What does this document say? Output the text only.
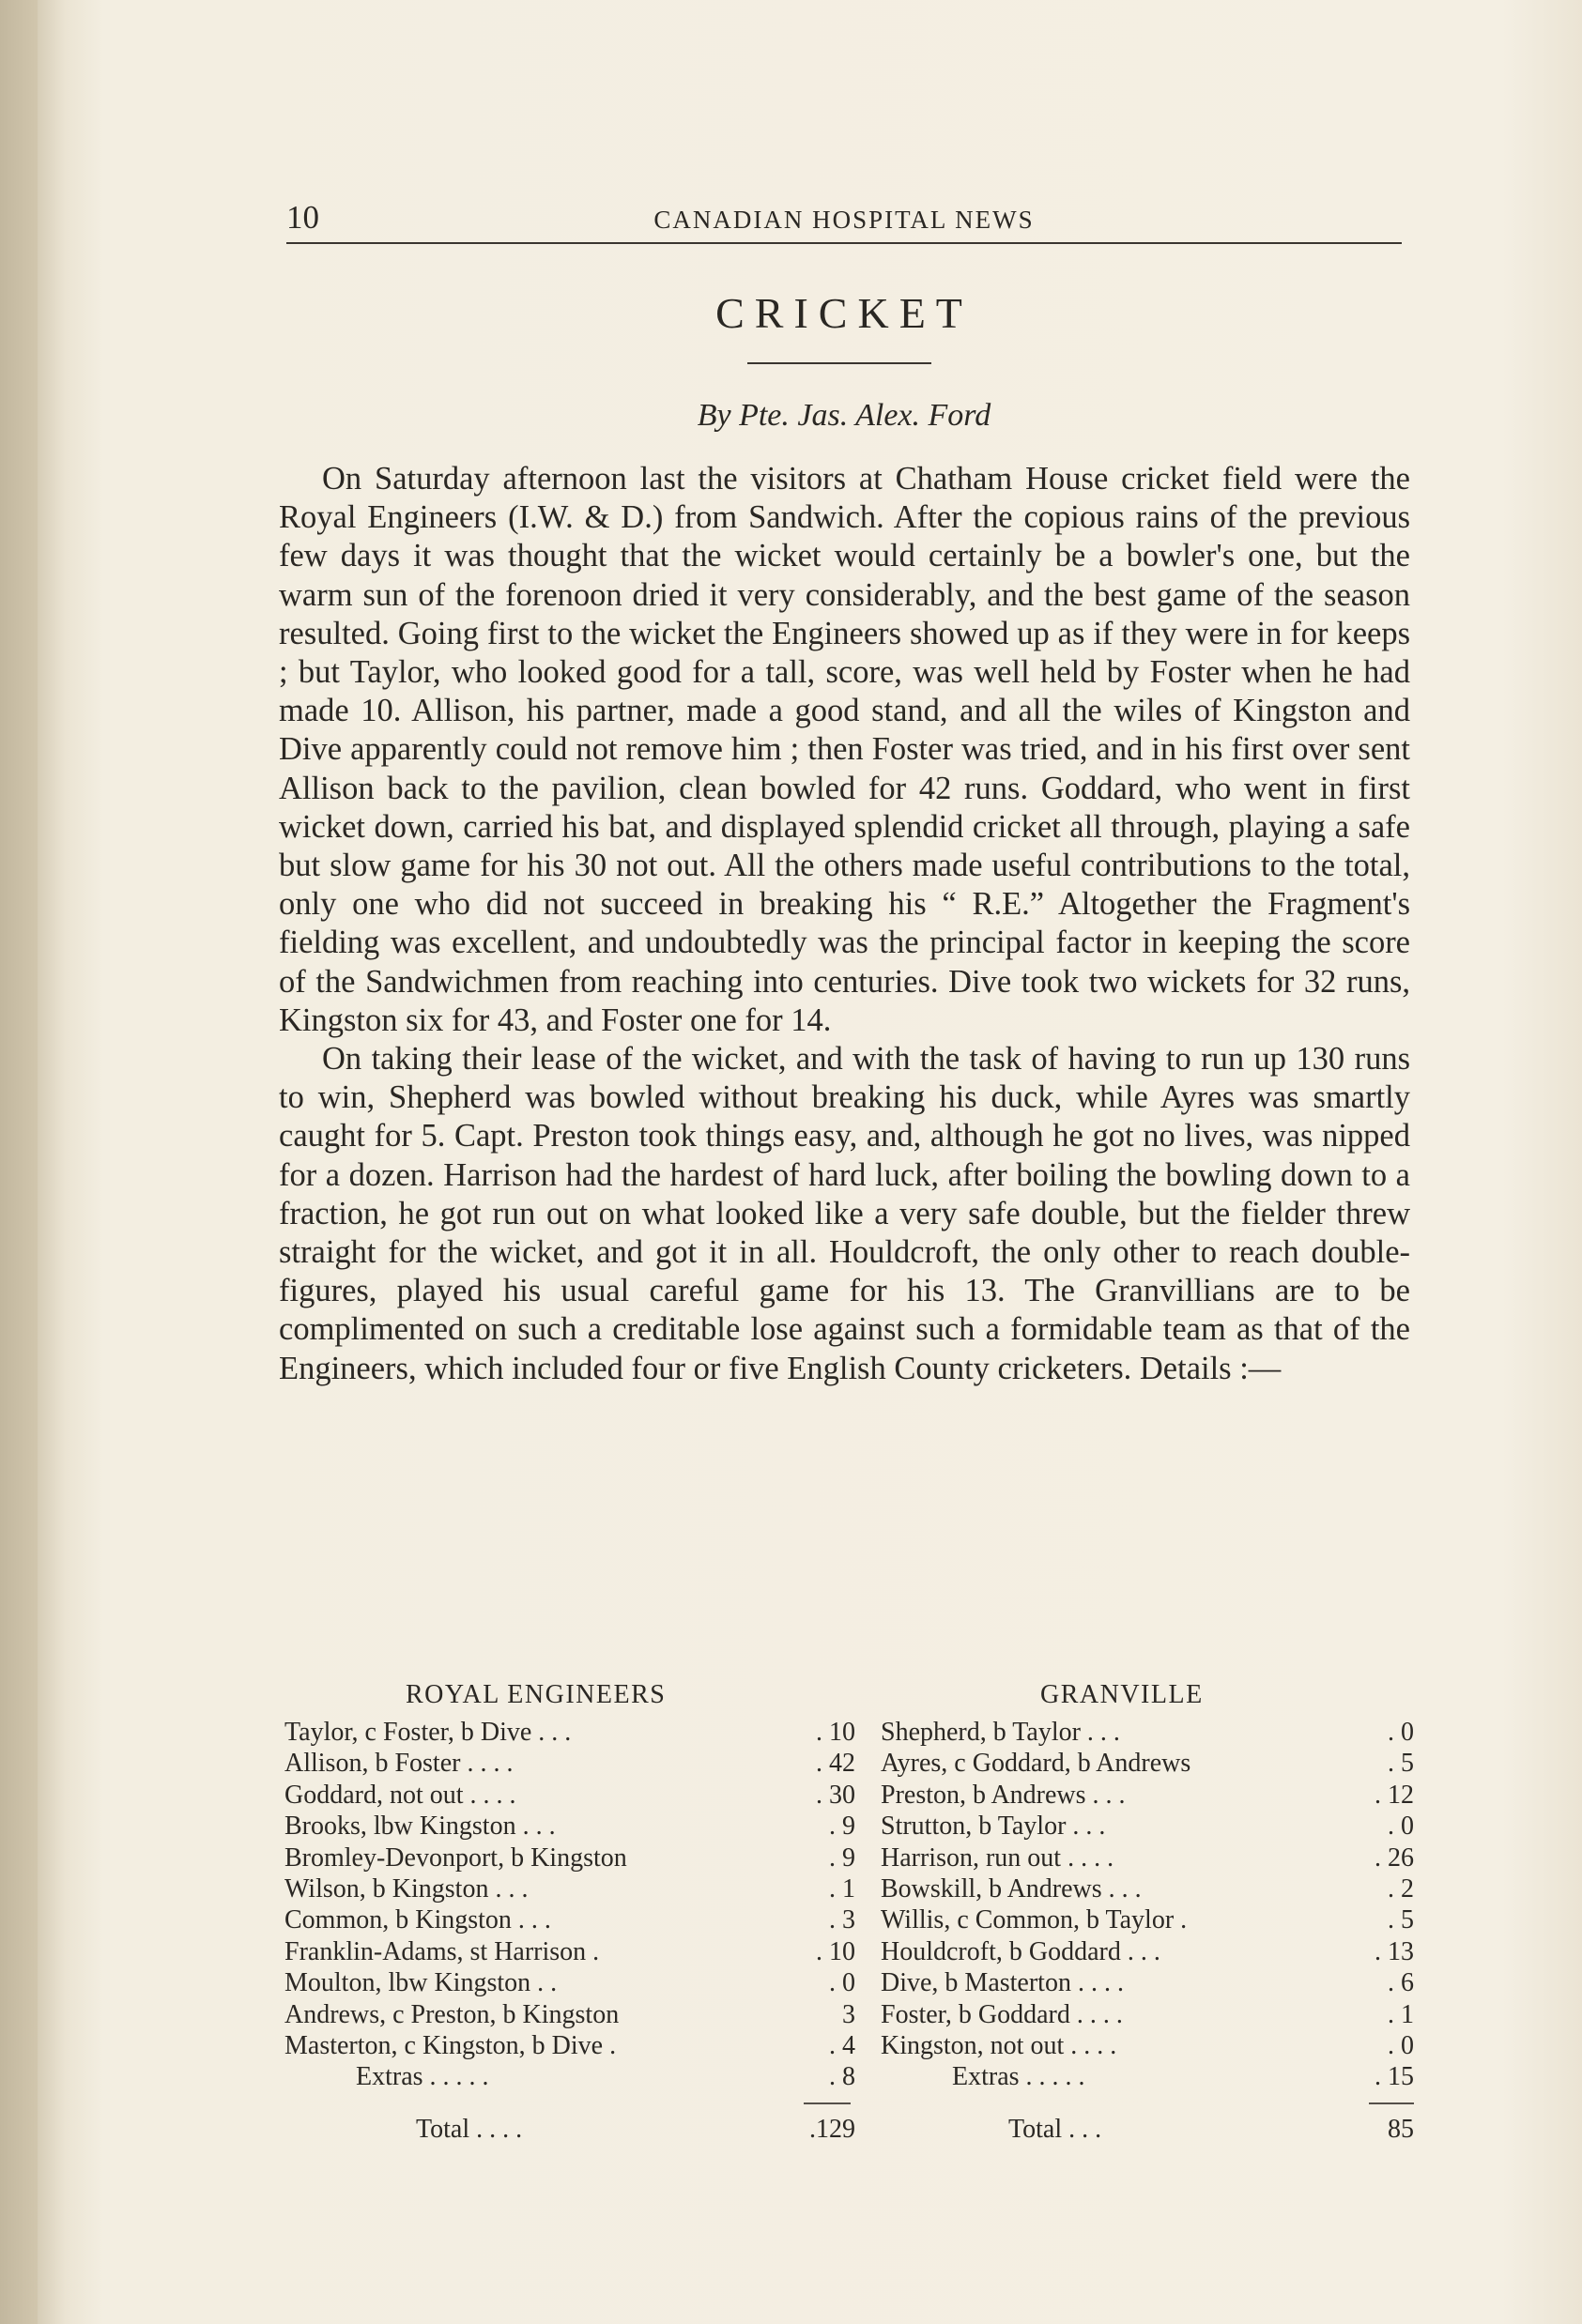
10	CANADIAN HOSPITAL NEWS
CRICKET
By Pte. Jas. Alex. Ford

On Saturday afternoon last the visitors at Chatham House cricket field were the Royal Engineers (I.W. & D.) from Sandwich. After the copious rains of the previous few days it was thought that the wicket would certainly be a bowler's one, but the warm sun of the forenoon dried it very considerably, and the best game of the season resulted. Going first to the wicket the Engineers showed up as if they were in for keeps ; but Taylor, who looked good for a tall, score, was well held by Foster when he had made 10. Allison, his partner, made a good stand, and all the wiles of Kingston and Dive apparently could not remove him ; then Foster was tried, and in his first over sent Allison back to the pavilion, clean bowled for 42 runs. Goddard, who went in first wicket down, carried his bat, and displayed splendid cricket all through, playing a safe but slow game for his 30 not out. All the others made useful contributions to the total, only one who did not succeed in breaking his “ R.E.” Altogether the Fragment's fielding was excellent, and undoubtedly was the principal factor in keeping the score of the Sandwichmen from reaching into centuries. Dive took two wickets for 32 runs, Kingston six for 43, and Foster one for 14.

On taking their lease of the wicket, and with the task of having to run up 130 runs to win, Shepherd was bowled without breaking his duck, while Ayres was smartly caught for 5. Capt. Preston took things easy, and, although he got no lives, was nipped for a dozen. Harrison had the hardest of hard luck, after boiling the bowling down to a fraction, he got run out on what looked like a very safe double, but the fielder threw straight for the wicket, and got it in all. Houldcroft, the only other to reach double-figures, played his usual careful game for his 13. The Granvillians are to be complimented on such a creditable lose against such a formidable team as that of the Engineers, which included four or five English County cricketers. Details :—

ROYAL ENGINEERS	GRANVILLE
Taylor, c Foster, b Dive . . .	. 10
Allison, b Foster . . . .	. 42
Goddard, not out . . . .	. 30
Brooks, lbw Kingston . . .	. 9
Bromley-Devonport, b Kingston	. 9
Wilson, b Kingston . . .	. 1
Common, b Kingston . . .	. 3
Franklin-Adams, st Harrison .	. 10
Moulton, lbw Kingston . .	. 0
Andrews, c Preston, b Kingston	3
Masterton, c Kingston, b Dive .	. 4
Extras . . . . .	. 8
Shepherd, b Taylor . . .	. 0
Ayres, c Goddard, b Andrews	. 5
Preston, b Andrews . . .	. 12
Strutton, b Taylor . . .	. 0
Harrison, run out . . . .	. 26
Bowskill, b Andrews . . .	. 2
Willis, c Common, b Taylor .	. 5
Houldcroft, b Goddard . . .	. 13
Dive, b Masterton . . . .	. 6
Foster, b Goddard . . . .	. 1
Kingston, not out . . . .	. 0
Extras . . . . .	. 15
Total . . . .	.129	Total . . .	85
